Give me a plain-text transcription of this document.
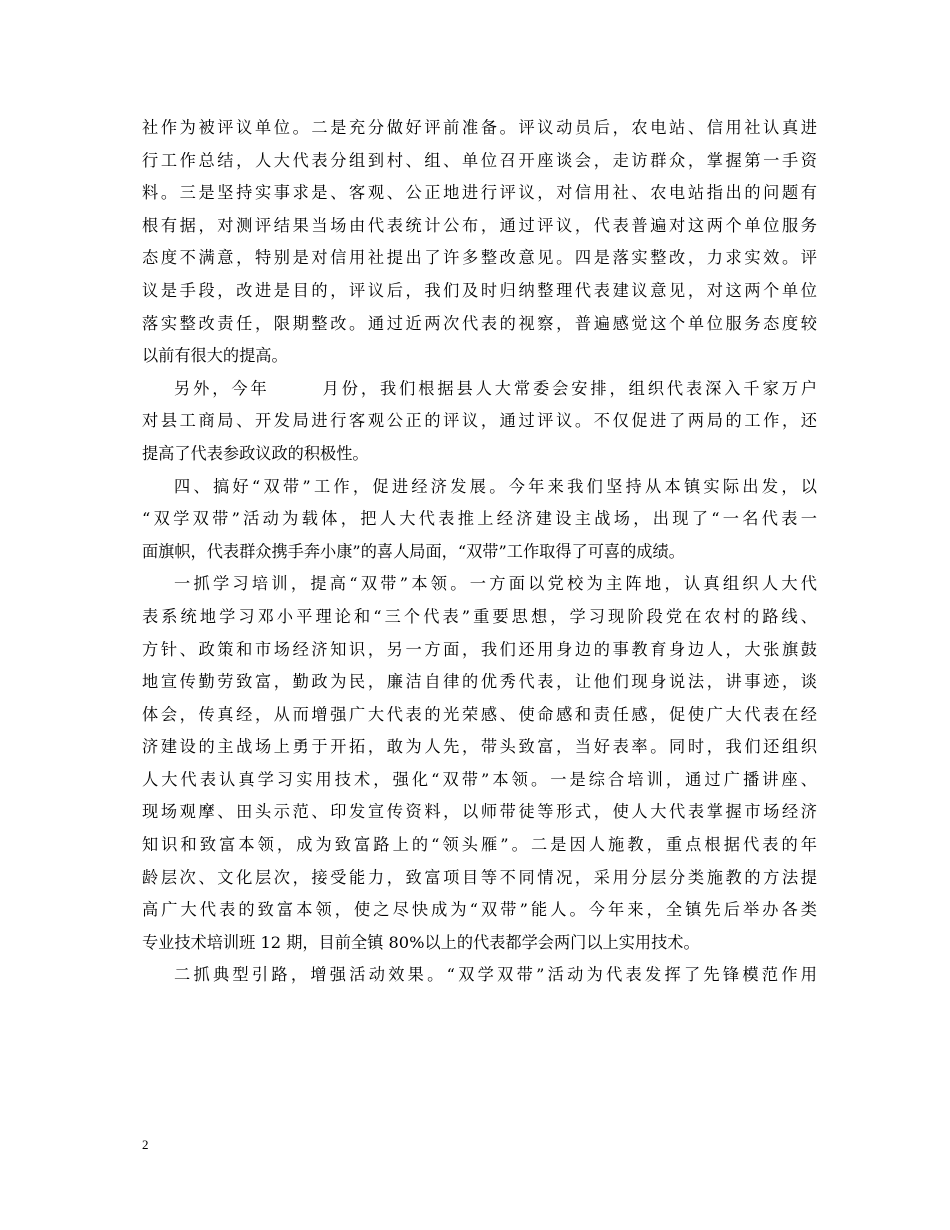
社作为被评议单位。二是充分做好评前准备。评议动员后，农电站、信用社认真进
行工作总结，人大代表分组到村、组、单位召开座谈会，走访群众，掌握第一手资
料。三是坚持实事求是、客观、公正地进行评议，对信用社、农电站指出的问题有
根有据，对测评结果当场由代表统计公布，通过评议，代表普遍对这两个单位服务
态度不满意，特别是对信用社提出了许多整改意见。四是落实整改，力求实效。评
议是手段，改进是目的，评议后，我们及时归纳整理代表建议意见，对这两个单位
落实整改责任，限期整改。通过近两次代表的视察，普遍感觉这个单位服务态度较
以前有很大的提高。
另外，今年	月份，我们根据县人大常委会安排，组织代表深入千家万户
对县工商局、开发局进行客观公正的评议，通过评议。不仅促进了两局的工作，还
提高了代表参政议政的积极性。
四、搞好“双带”工作，促进经济发展。今年来我们坚持从本镇实际出发，以
“双学双带”活动为载体，把人大代表推上经济建设主战场，出现了“一名代表一
面旗帜，代表群众携手奔小康”的喜人局面，“双带”工作取得了可喜的成绩。
一抓学习培训，提高“双带”本领。一方面以党校为主阵地，认真组织人大代
表系统地学习邓小平理论和“三个代表”重要思想，学习现阶段党在农村的路线、
方针、政策和市场经济知识，另一方面，我们还用身边的事教育身边人，大张旗鼓
地宣传勤劳致富，勤政为民，廉洁自律的优秀代表，让他们现身说法，讲事迹，谈
体会，传真经，从而增强广大代表的光荣感、使命感和责任感，促使广大代表在经
济建设的主战场上勇于开拓，敢为人先，带头致富，当好表率。同时，我们还组织
人大代表认真学习实用技术，强化“双带”本领。一是综合培训，通过广播讲座、
现场观摩、田头示范、印发宣传资料，以师带徒等形式，使人大代表掌握市场经济
知识和致富本领，成为致富路上的“领头雁”。二是因人施教，重点根据代表的年
龄层次、文化层次，接受能力，致富项目等不同情况，采用分层分类施教的方法提
高广大代表的致富本领，使之尽快成为“双带”能人。今年来，全镇先后举办各类
专业技术培训班 12 期，目前全镇 80%以上的代表都学会两门以上实用技术。
二抓典型引路，增强活动效果。“双学双带”活动为代表发挥了先锋模范作用
2
